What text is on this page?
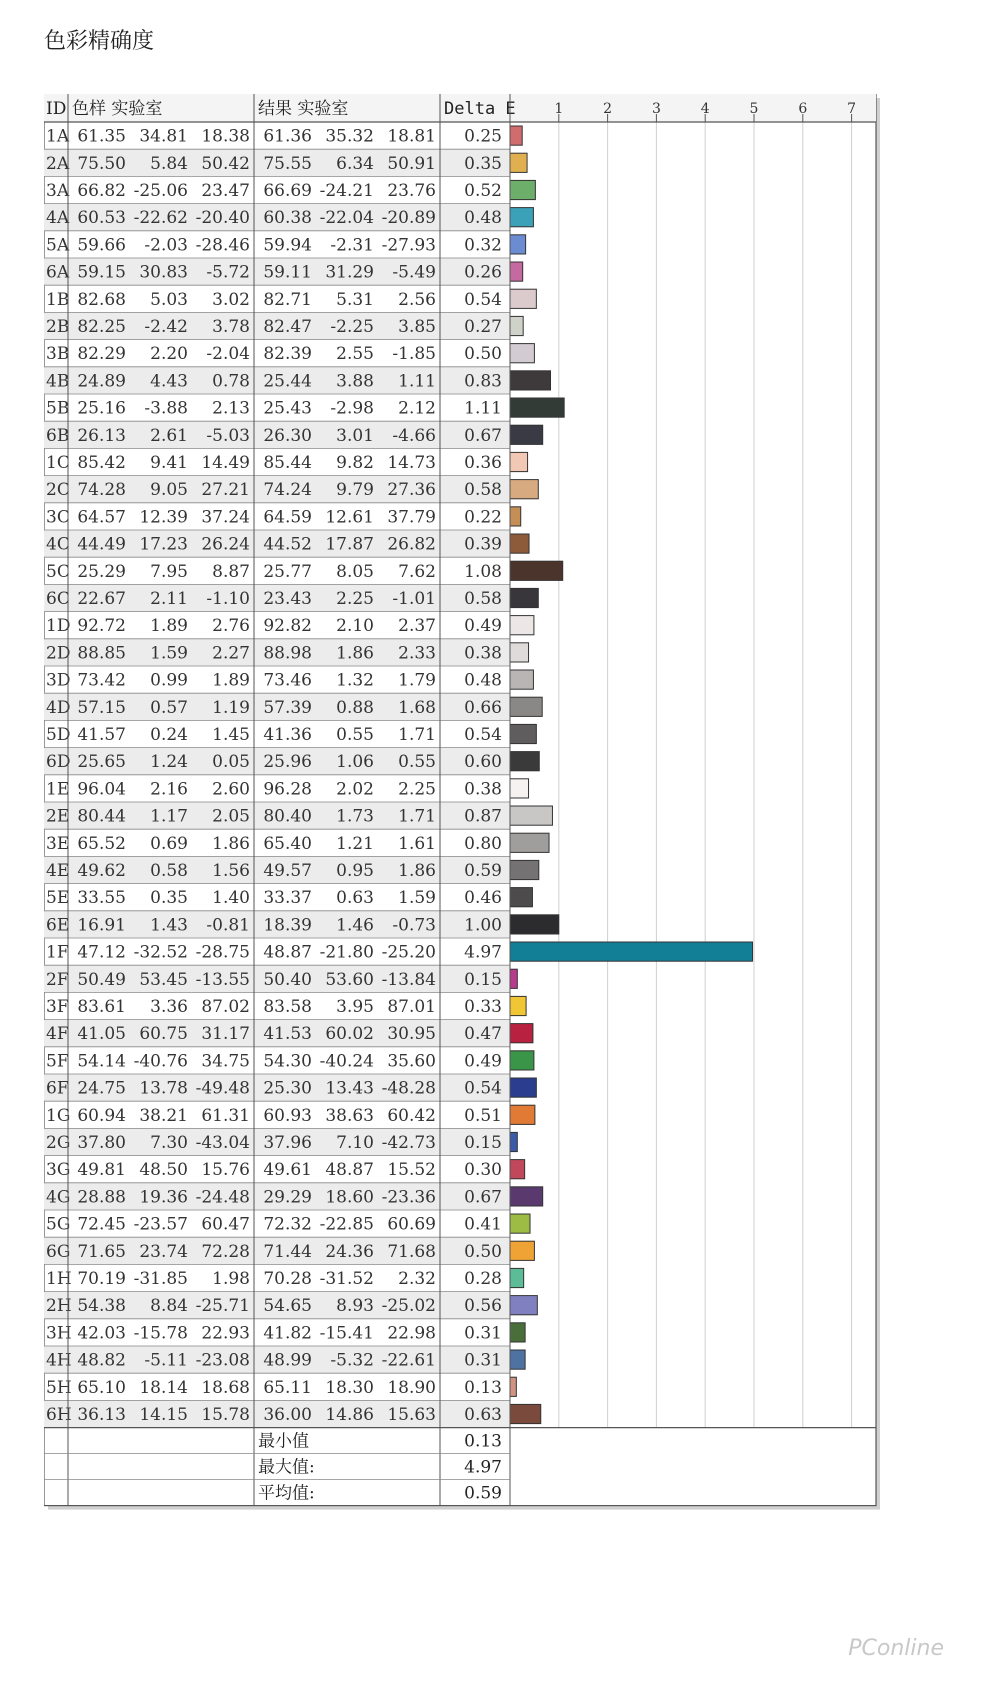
色彩精确度
1	2	3	4	5	6	7
ID 色样 实验室	结果 实验室	Delta E
1A 61.35 34.81 18.38 61.36 35.32 18.81 0.25
2A 75.50 5.84 50.42 75.55 6.34 50.91 0.35
3A 66.82 -25.06 23.47 66.69 -24.21 23.76 0.52
4A 60.53 -22.62 -20.40 60.38 -22.04 -20.89 0.48
5A 59.66 -2.03 -28.46 59.94 -2.31 -27.93 0.32
6A 59.15 30.83 -5.72 59.11 31.29 -5.49 0.26
1B 82.68 5.03 3.02 82.71 5.31 2.56 0.54
2B 82.25 -2.42 3.78 82.47 -2.25 3.85 0.27
3B 82.29 2.20 -2.04 82.39 2.55 -1.85 0.50
4B 24.89 4.43 0.78 25.44 3.88 1.11 0.83
5B 25.16 -3.88 2.13 25.43 -2.98 2.12 1.11
6B 26.13 2.61 -5.03 26.30 3.01 -4.66 0.67
1C 85.42 9.41 14.49 85.44 9.82 14.73 0.36
2C 74.28 9.05 27.21 74.24 9.79 27.36 0.58
3C 64.57 12.39 37.24 64.59 12.61 37.79 0.22
4C 44.49 17.23 26.24 44.52 17.87 26.82 0.39
5C 25.29 7.95 8.87 25.77 8.05 7.62 1.08
6C 22.67 2.11 -1.10 23.43 2.25 -1.01 0.58
1D 92.72 1.89 2.76 92.82 2.10 2.37 0.49
2D 88.85 1.59 2.27 88.98 1.86 2.33 0.38
3D 73.42 0.99 1.89 73.46 1.32 1.79 0.48
4D 57.15 0.57 1.19 57.39 0.88 1.68 0.66
5D 41.57 0.24 1.45 41.36 0.55 1.71 0.54
6D 25.65 1.24 0.05 25.96 1.06 0.55 0.60
1E 96.04 2.16 2.60 96.28 2.02 2.25 0.38
2E 80.44 1.17 2.05 80.40 1.73 1.71 0.87
3E 65.52 0.69 1.86 65.40 1.21 1.61 0.80
4E 49.62 0.58 1.56 49.57 0.95 1.86 0.59
5E 33.55 0.35 1.40 33.37 0.63 1.59 0.46
6E 16.91 1.43 -0.81 18.39 1.46 -0.73 1.00
1F 47.12 -32.52 -28.75 48.87 -21.80 -25.20 4.97
2F 50.49 53.45 -13.55 50.40 53.60 -13.84 0.15
3F 83.61 3.36 87.02 83.58 3.95 87.01 0.33
4F 41.05 60.75 31.17 41.53 60.02 30.95 0.47
5F 54.14 -40.76 34.75 54.30 -40.24 35.60 0.49
6F 24.75 13.78 -49.48 25.30 13.43 -48.28 0.54
1G 60.94 38.21 61.31 60.93 38.63 60.42 0.51
2G 37.80 7.30 -43.04 37.96 7.10 -42.73 0.15
3G 49.81 48.50 15.76 49.61 48.87 15.52 0.30
4G 28.88 19.36 -24.48 29.29 18.60 -23.36 0.67
5G 72.45 -23.57 60.47 72.32 -22.85 60.69 0.41
6G 71.65 23.74 72.28 71.44 24.36 71.68 0.50
1H 70.19 -31.85 1.98 70.28 -31.52 2.32 0.28
2H 54.38 8.84 -25.71 54.65 8.93 -25.02 0.56
3H 42.03 -15.78 22.93 41.82 -15.41 22.98 0.31
4H 48.82 -5.11 -23.08 48.99 -5.32 -22.61 0.31
5H 65.10 18.14 18.68 65.11 18.30 18.90 0.13
6H 36.13 14.15 15.78 36.00 14.86 15.63 0.63
最小值	0.13
最大值:	4.97
平均值:	0.59
PConline
